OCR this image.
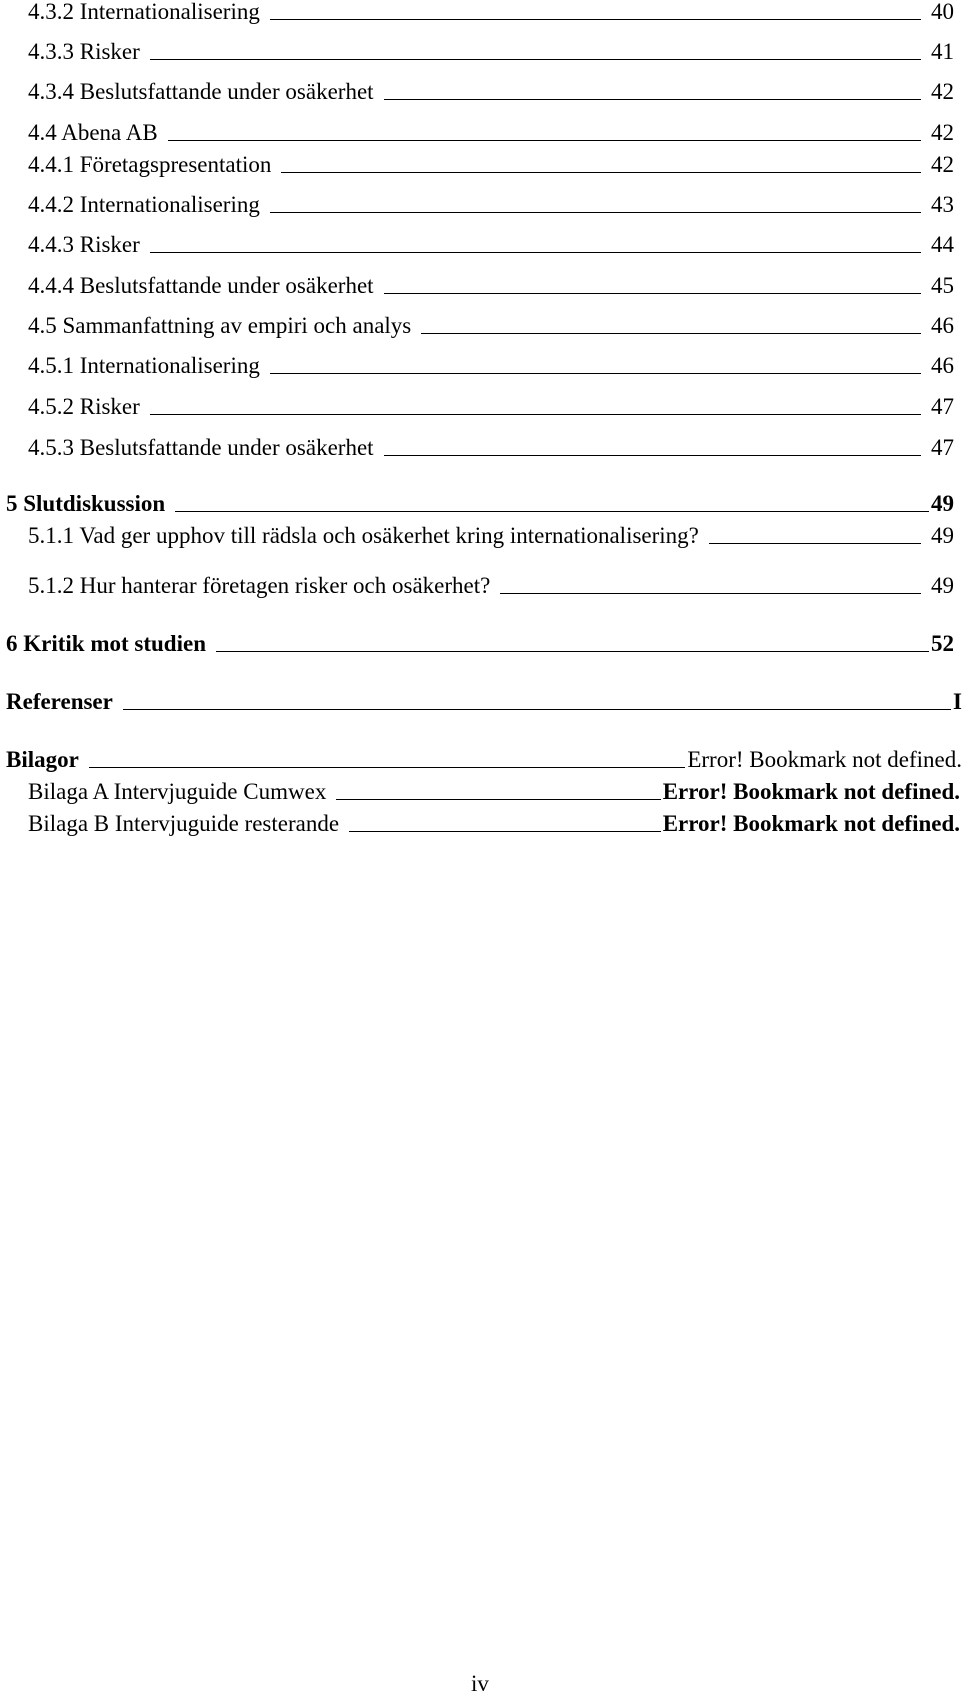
4.3.2 Internationalisering	40
4.3.3 Risker	41
4.3.4 Beslutsfattande under osäkerhet	42
4.4 Abena AB	42
4.4.1 Företagspresentation	42
4.4.2 Internationalisering	43
4.4.3 Risker	44
4.4.4 Beslutsfattande under osäkerhet	45
4.5 Sammanfattning av empiri och analys	46
4.5.1 Internationalisering	46
4.5.2 Risker	47
4.5.3 Beslutsfattande under osäkerhet	47
5 Slutdiskussion	49
5.1.1 Vad ger upphov till rädsla och osäkerhet kring internationalisering?	49
5.1.2 Hur hanterar företagen risker och osäkerhet?	49
6 Kritik mot studien	52
Referenser	I
Bilagor	Error! Bookmark not defined.
Bilaga A Intervjuguide Cumwex	Error! Bookmark not defined.
Bilaga B Intervjuguide resterande	Error! Bookmark not defined.
iv
